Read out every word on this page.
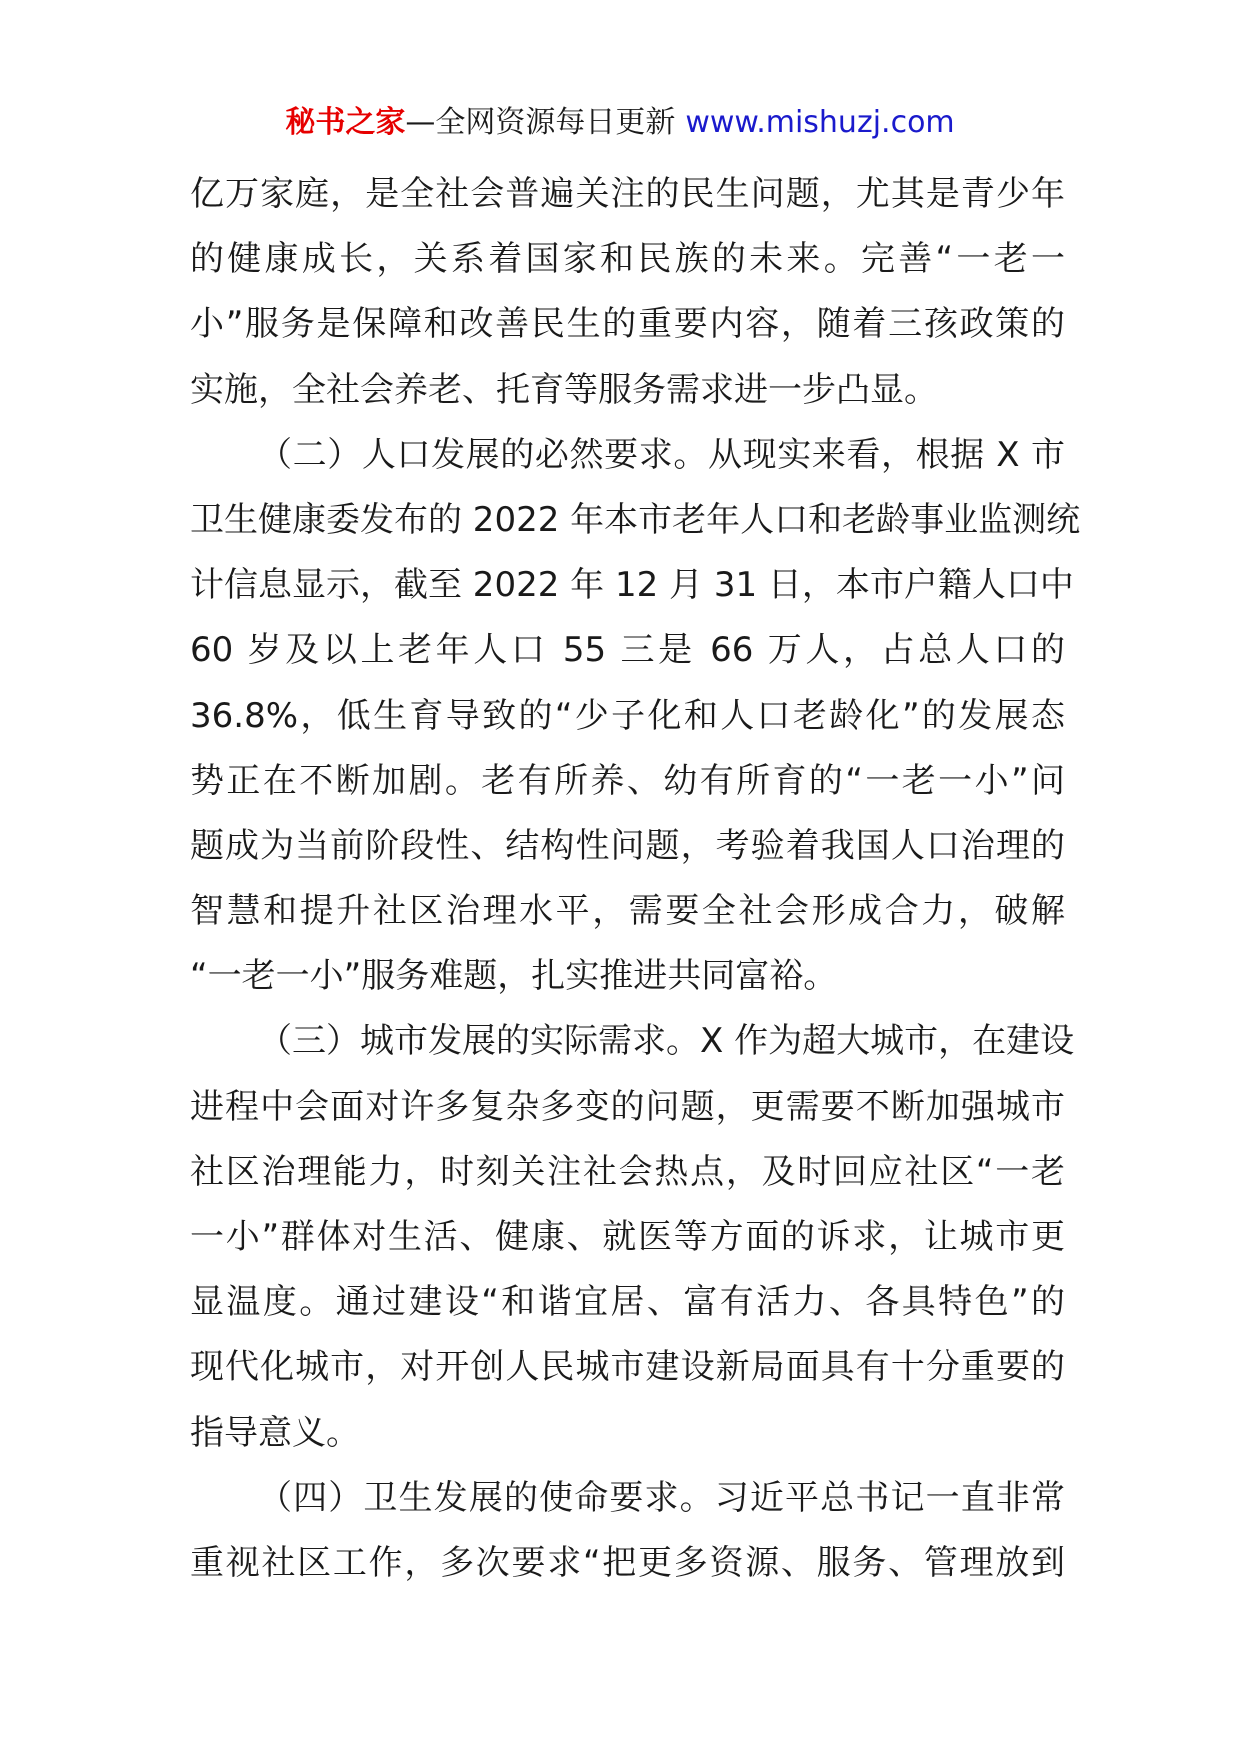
秘书之家—全网资源每日更新 www.mishuzj.com
亿万家庭，是全社会普遍关注的民生问题，尤其是青少年
的健康成长，关系着国家和民族的未来。完善“一老一
小”服务是保障和改善民生的重要内容，随着三孩政策的
实施，全社会养老、托育等服务需求进一步凸显。
（二）人口发展的必然要求。从现实来看，根据 X 市
卫生健康委发布的 2022 年本市老年人口和老龄事业监测统
计信息显示，截至 2022 年 12 月 31 日，本市户籍人口中
60 岁及以上老年人口 55 三是 66 万人，占总人口的
36.8%，低生育导致的“少子化和人口老龄化”的发展态
势正在不断加剧。老有所养、幼有所育的“一老一小”问
题成为当前阶段性、结构性问题，考验着我国人口治理的
智慧和提升社区治理水平，需要全社会形成合力，破解
“一老一小”服务难题，扎实推进共同富裕。
（三）城市发展的实际需求。X 作为超大城市，在建设
进程中会面对许多复杂多变的问题，更需要不断加强城市
社区治理能力，时刻关注社会热点，及时回应社区“一老
一小”群体对生活、健康、就医等方面的诉求，让城市更
显温度。通过建设“和谐宜居、富有活力、各具特色”的
现代化城市，对开创人民城市建设新局面具有十分重要的
指导意义。
（四）卫生发展的使命要求。习近平总书记一直非常
重视社区工作，多次要求“把更多资源、服务、管理放到
